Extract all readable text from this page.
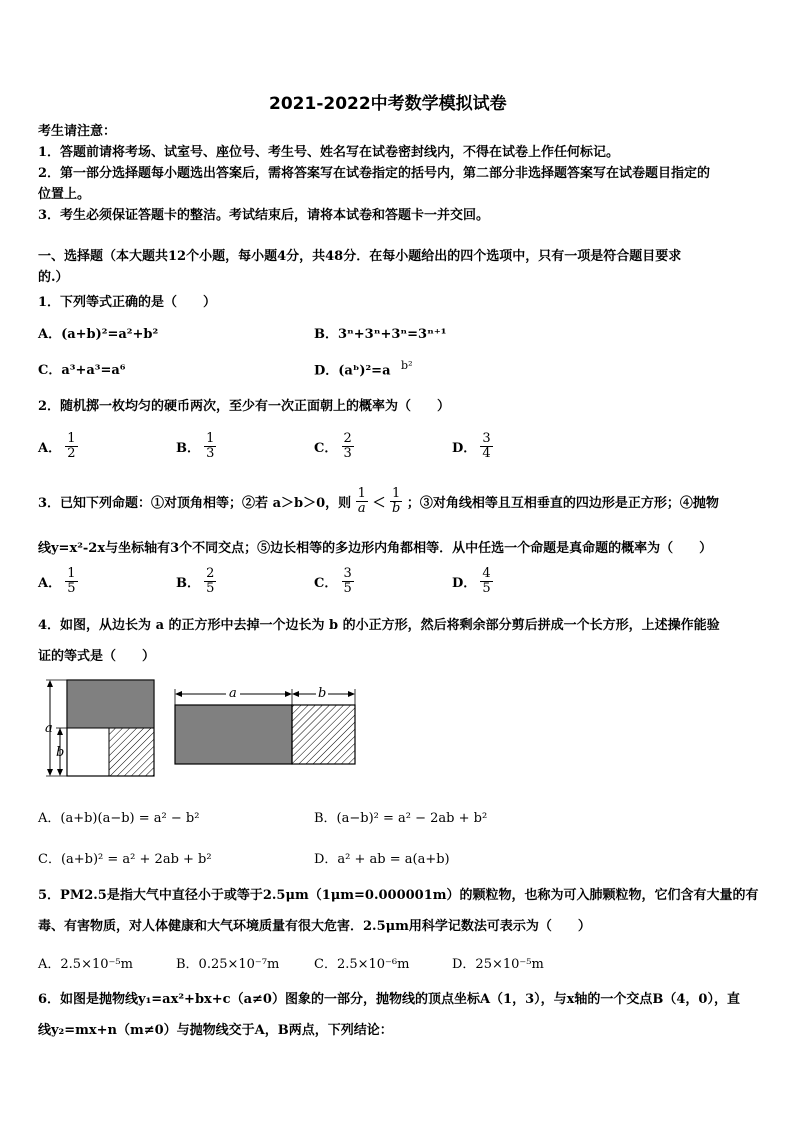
2021-2022中考数学模拟试卷
考生请注意：
1．答题前请将考场、试室号、座位号、考生号、姓名写在试卷密封线内，不得在试卷上作任何标记。
2．第一部分选择题每小题选出答案后，需将答案写在试卷指定的括号内，第二部分非选择题答案写在试卷题目指定的
位置上。
3．考生必须保证答题卡的整洁。考试结束后，请将本试卷和答题卡一并交回。
一、选择题（本大题共12个小题，每小题4分，共48分．在每小题给出的四个选项中，只有一项是符合题目要求
的.）
1．下列等式正确的是（　　）
A．(a+b)²=a²+b²	B．3ⁿ+3ⁿ+3ⁿ=3ⁿ⁺¹
C．a³+a³=a⁶	D．(aᵇ)²=a $^{b^2}$
2．随机掷一枚均匀的硬币两次，至少有一次正面朝上的概率为（　　）
A． $\frac{1}{2}$	B． $\frac{1}{3}$	C． $\frac{2}{3}$	D． $\frac{3}{4}$
3．已知下列命题：①对顶角相等；②若 a＞b＞0，则 $\frac{1}{a} < \frac{1}{b}$ ；③对角线相等且互相垂直的四边形是正方形；④抛物
线y=x²-2x与坐标轴有3个不同交点；⑤边长相等的多边形内角都相等．从中任选一个命题是真命题的概率为（　　）
A． $\frac{1}{5}$	B． $\frac{2}{5}$	C． $\frac{3}{5}$	D． $\frac{4}{5}$
4．如图，从边长为 a 的正方形中去掉一个边长为 b 的小正方形，然后将剩余部分剪后拼成一个长方形，上述操作能验
证的等式是（　　）
a
b
a	b
A．(a+b)(a−b) = a² − b²	B．(a−b)² = a² − 2ab + b²
C．(a+b)² = a² + 2ab + b²	D．a² + ab = a(a+b)
5．PM2.5是指大气中直径小于或等于2.5μm（1μm=0.000001m）的颗粒物，也称为可入肺颗粒物，它们含有大量的有
毒、有害物质，对人体健康和大气环境质量有很大危害．2.5μm用科学记数法可表示为（　　）
A．2.5×10⁻⁵m	B．0.25×10⁻⁷m	C．2.5×10⁻⁶m	D．25×10⁻⁵m
6．如图是抛物线y₁=ax²+bx+c（a≠0）图象的一部分，抛物线的顶点坐标A（1，3），与x轴的一个交点B（4，0），直
线y₂=mx+n（m≠0）与抛物线交于A，B两点，下列结论：
